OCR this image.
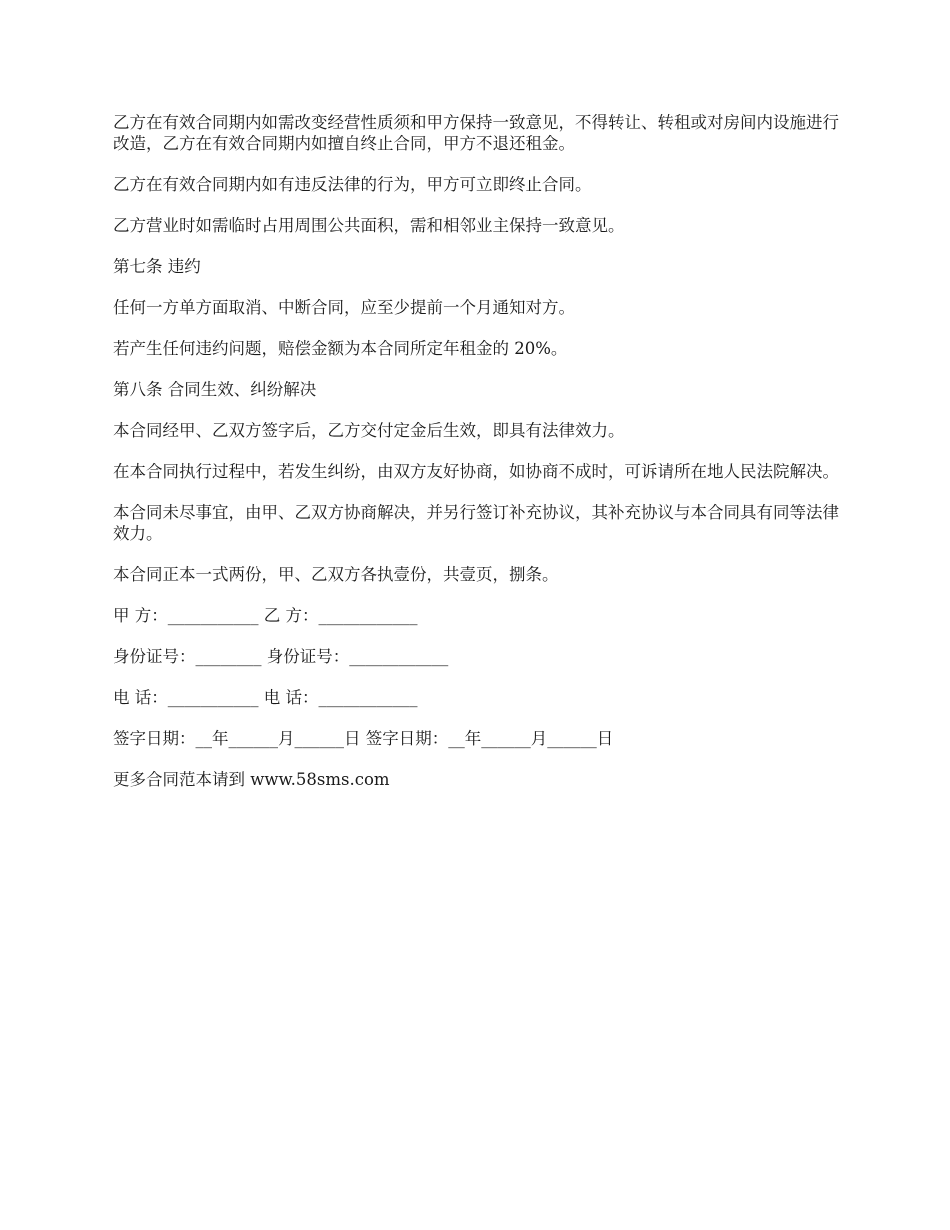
乙方在有效合同期内如需改变经营性质须和甲方保持一致意见，不得转让、转租或对房间内设施进行改造，乙方在有效合同期内如擅自终止合同，甲方不退还租金。

乙方在有效合同期内如有违反法律的行为，甲方可立即终止合同。

乙方营业时如需临时占用周围公共面积，需和相邻业主保持一致意见。

第七条 违约

任何一方单方面取消、中断合同，应至少提前一个月通知对方。

若产生任何违约问题，赔偿金额为本合同所定年租金的 20%。

第八条 合同生效、纠纷解决

本合同经甲、乙双方签字后，乙方交付定金后生效，即具有法律效力。

在本合同执行过程中，若发生纠纷，由双方友好协商，如协商不成时，可诉请所在地人民法院解决。

本合同未尽事宜，由甲、乙双方协商解决，并另行签订补充协议，其补充协议与本合同具有同等法律效力。

本合同正本一式两份，甲、乙双方各执壹份，共壹页，捌条。

甲 方：___________ 乙 方：____________

身份证号：________ 身份证号：____________

电 话：___________ 电 话：____________

签字日期：__年______月______日 签字日期：__年______月______日

更多合同范本请到 www.58sms.com
